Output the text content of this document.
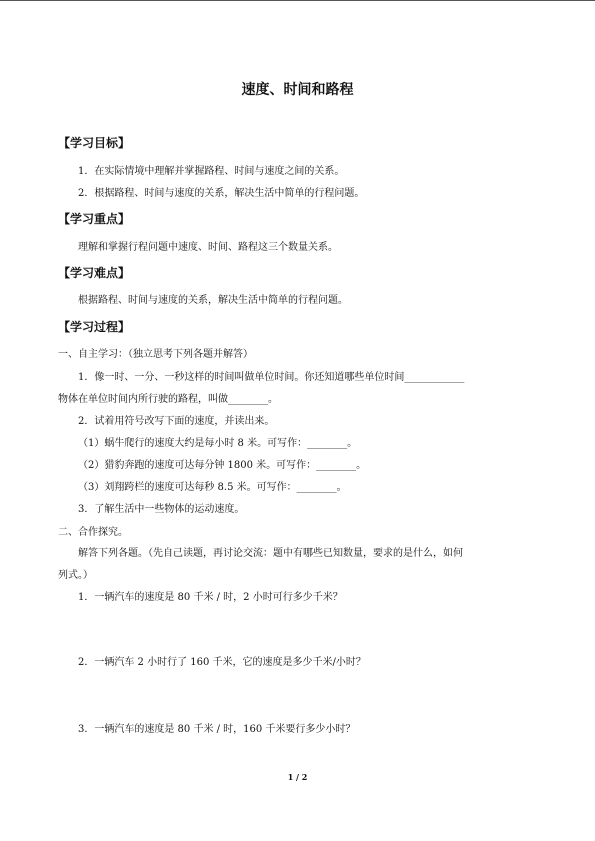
速度、时间和路程
【学习目标】
1．在实际情境中理解并掌握路程、时间与速度之间的关系。
2．根据路程、时间与速度的关系，解决生活中简单的行程问题。
【学习重点】
理解和掌握行程问题中速度、时间、路程这三个数量关系。
【学习难点】
根据路程、时间与速度的关系，解决生活中简单的行程问题。
【学习过程】
一、自主学习：（独立思考下列各题并解答）
1．像一时、一分、一秒这样的时间叫做单位时间。你还知道哪些单位时间____________
物体在单位时间内所行驶的路程，叫做________。
2．试着用符号改写下面的速度，并读出来。
（1）蜗牛爬行的速度大约是每小时 8 米。可写作：________。
（2）猎豹奔跑的速度可达每分钟 1800 米。可写作：________。
（3）刘翔跨栏的速度可达每秒 8.5 米。可写作：________。
3．了解生活中一些物体的运动速度。
二、合作探究。
解答下列各题。（先自己读题，再讨论交流：题中有哪些已知数量，要求的是什么，如何
列式。）
1．一辆汽车的速度是 80 千米 / 时，2 小时可行多少千米？
2．一辆汽车 2 小时行了 160 千米，它的速度是多少千米/小时？
3．一辆汽车的速度是 80 千米 / 时，160 千米要行多少小时？
1 / 2
